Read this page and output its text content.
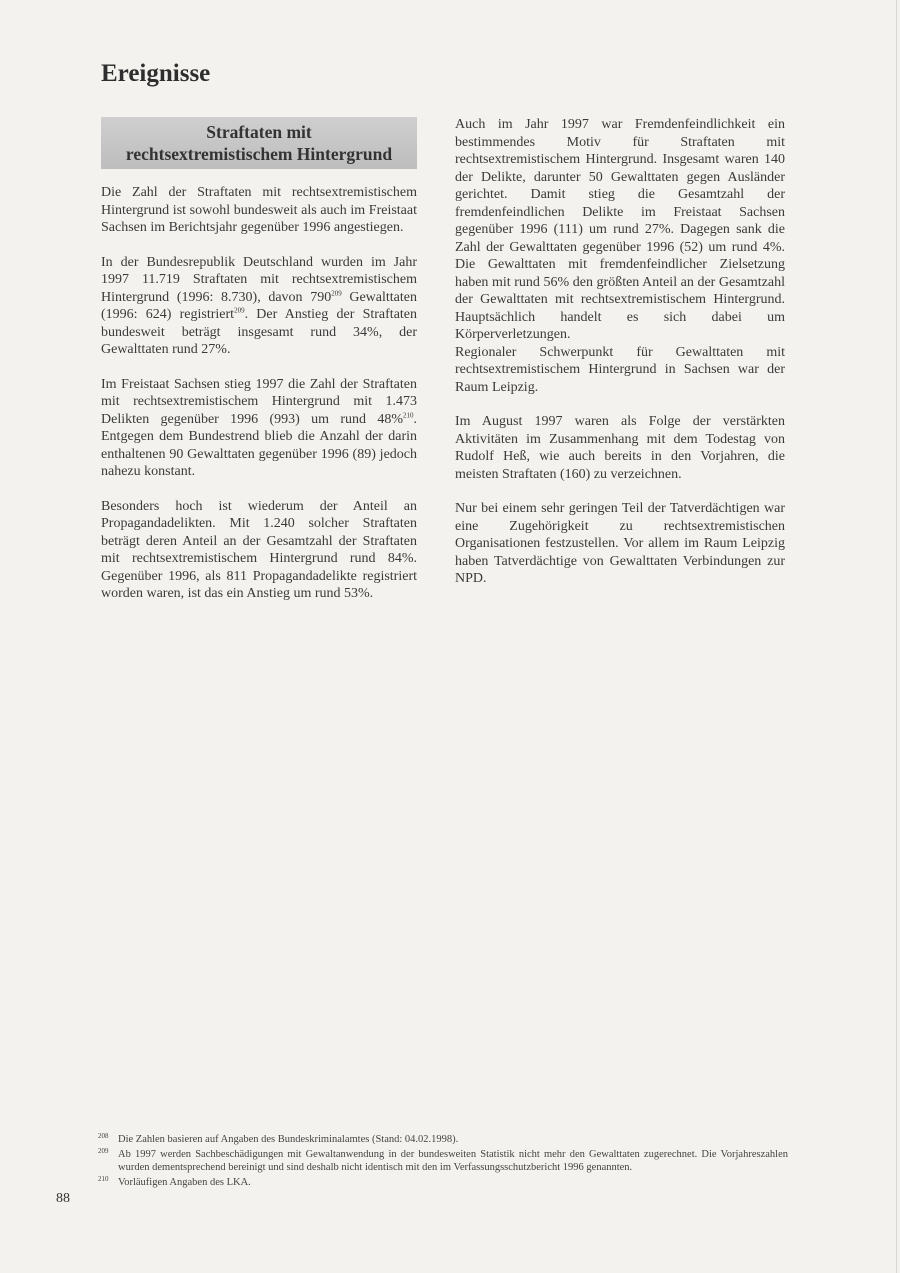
Ereignisse
Straftaten mit
rechtsextremistischem Hintergrund

Die Zahl der Straftaten mit rechtsextremistischem Hintergrund ist sowohl bundesweit als auch im Freistaat Sachsen im Berichtsjahr gegenüber 1996 angestiegen.

In der Bundesrepublik Deutschland wurden im Jahr 1997 11.719 Straftaten mit rechtsextremistischem Hintergrund (1996: 8.730), davon $790^{209}$ Gewalttaten (1996: 624) registriert$^{209}$. Der Anstieg der Straftaten bundesweit beträgt insgesamt rund 34%, der Gewalttaten rund 27%.

Im Freistaat Sachsen stieg 1997 die Zahl der Straftaten mit rechtsextremistischem Hintergrund mit 1.473 Delikten gegenüber 1996 (993) um rund 48%$^{210}$. Entgegen dem Bundestrend blieb die Anzahl der darin enthaltenen 90 Gewalttaten gegenüber 1996 (89) jedoch nahezu konstant.

Besonders hoch ist wiederum der Anteil an Propagandadelikten. Mit 1.240 solcher Straftaten beträgt deren Anteil an der Gesamtzahl der Straftaten mit rechtsextremistischem Hintergrund rund 84%. Gegenüber 1996, als 811 Propagandadelikte registriert worden waren, ist das ein Anstieg um rund 53%.

Auch im Jahr 1997 war Fremdenfeindlichkeit ein bestimmendes Motiv für Straftaten mit rechtsextremistischem Hintergrund. Insgesamt waren 140 der Delikte, darunter 50 Gewalttaten gegen Ausländer gerichtet. Damit stieg die Gesamtzahl der fremdenfeindlichen Delikte im Freistaat Sachsen gegenüber 1996 (111) um rund 27%. Dagegen sank die Zahl der Gewalttaten gegenüber 1996 (52) um rund 4%. Die Gewalttaten mit fremdenfeindlicher Zielsetzung haben mit rund 56% den größten Anteil an der Gesamtzahl der Gewalttaten mit rechtsextremistischem Hintergrund. Hauptsächlich handelt es sich dabei um Körperverletzungen.

Regionaler Schwerpunkt für Gewalttaten mit rechtsextremistischem Hintergrund in Sachsen war der Raum Leipzig.

Im August 1997 waren als Folge der verstärkten Aktivitäten im Zusammenhang mit dem Todestag von Rudolf Heß, wie auch bereits in den Vorjahren, die meisten Straftaten (160) zu verzeichnen.

Nur bei einem sehr geringen Teil der Tatverdächtigen war eine Zugehörigkeit zu rechtsextremistischen Organisationen festzustellen. Vor allem im Raum Leipzig haben Tatverdächtige von Gewalttaten Verbindungen zur NPD.

208 Die Zahlen basieren auf Angaben des Bundeskriminalamtes (Stand: 04.02.1998).
209 Ab 1997 werden Sachbeschädigungen mit Gewaltanwendung in der bundesweiten Statistik nicht mehr den Gewalttaten zugerechnet. Die Vorjahreszahlen wurden dementsprechend bereinigt und sind deshalb nicht identisch mit den im Verfassungsschutzbericht 1996 genannten.
210 Vorläufigen Angaben des LKA.
88
